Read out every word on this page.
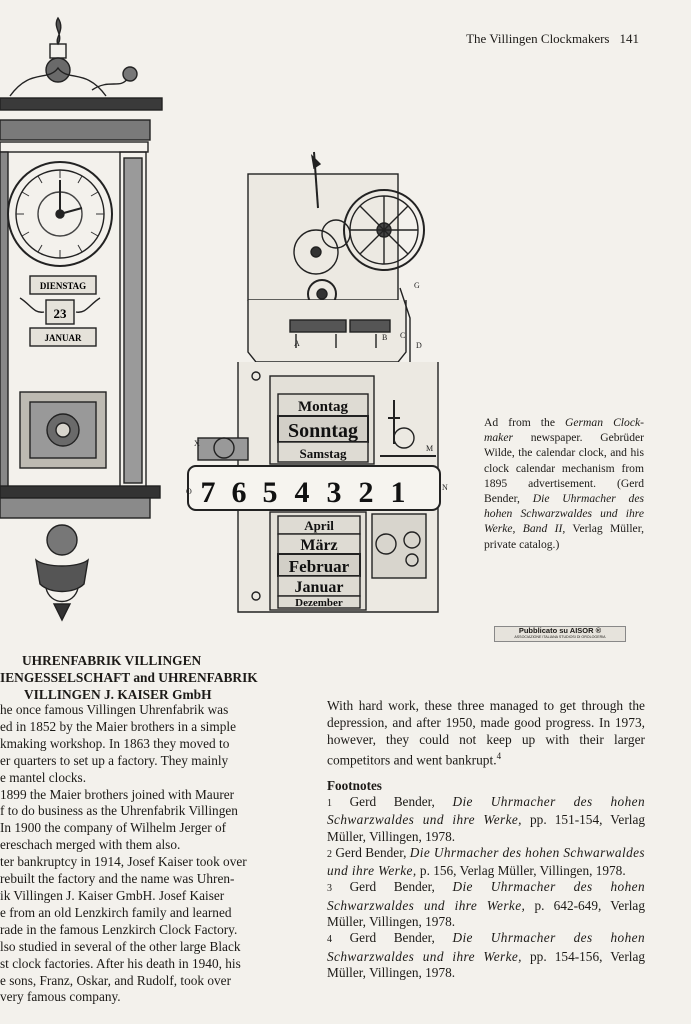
The Villingen Clockmakers 141
DIENSTAG
23
JANUAR
Montag
Sonntag
Samstag
7 6 5 4 3 2 1
April
März
Februar
Januar
Dezember
A
B C
D
G
M
N
O
X
Ad from the German Clock-maker newspaper. Gebrüder Wilde, the calendar clock, and his clock calendar mechanism from 1895 advertisement. (Gerd Bender, Die Uhrmacher des hohen Schwarzwaldes und ihre Werke, Band II, Verlag Müller, private catalog.)
Pubblicato su AISOR ®
ASSOCIAZIONE ITALIANA STUDIOSI DI OROLOGERIA
UHRENFABRIK VILLINGEN
IENGESSELSCHAFT and UHRENFABRIK
VILLINGEN J. KAISER GmbH

he once famous Villingen Uhrenfabrik was

ed in 1852 by the Maier brothers in a simple

kmaking workshop. In 1863 they moved to

er quarters to set up a factory. They mainly

e mantel clocks.

1899 the Maier brothers joined with Maurer

f to do business as the Uhrenfabrik Villingen

In 1900 the company of Wilhelm Jerger of

ereschach merged with them also.

ter bankruptcy in 1914, Josef Kaiser took over

rebuilt the factory and the name was Uhren-

ik Villingen J. Kaiser GmbH. Josef Kaiser

e from an old Lenzkirch family and learned

rade in the famous Lenzkirch Clock Factory.

lso studied in several of the other large Black

st clock factories. After his death in 1940, his

e sons, Franz, Oskar, and Rudolf, took over

very famous company.

With hard work, these three managed to get through the depression, and after 1950, made good progress. In 1973, however, they could not keep up with their larger competitors and went bankrupt.$^4$

Footnotes

1 Gerd Bender, Die Uhrmacher des hohen Schwarzwaldes und ihre Werke, pp. 151-154, Verlag Müller, Villingen, 1978.

2 Gerd Bender, Die Uhrmacher des hohen Schwarwaldes und ihre Werke, p. 156, Verlag Müller, Villingen, 1978.

3 Gerd Bender, Die Uhrmacher des hohen Schwarzwaldes und ihre Werke, p. 642-649, Verlag Müller, Villingen, 1978.

4 Gerd Bender, Die Uhrmacher des hohen Schwarzwaldes und ihre Werke, pp. 154-156, Verlag Müller, Villingen, 1978.
